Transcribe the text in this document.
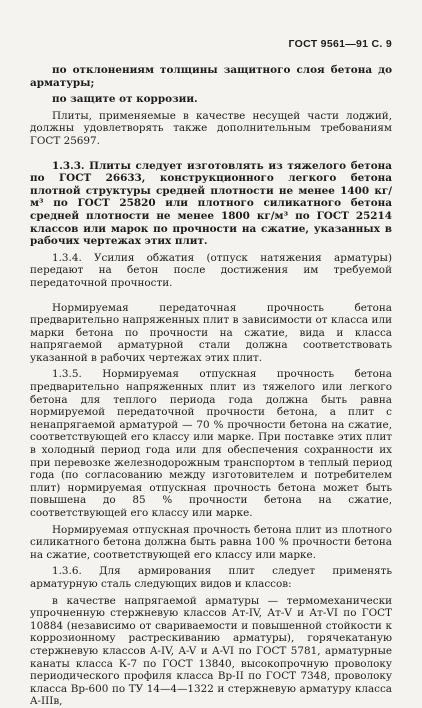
ГОСТ 9561—91 С. 9

по отклонениям толщины защитного слоя бетона до арматуры;

по защите от коррозии.

Плиты, применяемые в качестве несущей части лоджий, должны удовлетворять также дополнительным требованиям ГОСТ 25697.

1.3.3. Плиты следует изготовлять из тяжелого бетона по ГОСТ 26633, конструкционного легкого бетона плотной структуры средней плотности не менее 1400 кг/м³ по ГОСТ 25820 или плотного силикатного бетона средней плотности не менее 1800 кг/м³ по ГОСТ 25214 классов или марок по прочности на сжатие, указанных в рабочих чертежах этих плит.

1.3.4. Усилия обжатия (отпуск натяжения арматуры) передают на бетон после достижения им требуемой передаточной прочности.

Нормируемая передаточная прочность бетона предварительно напряженных плит в зависимости от класса или марки бетона по прочности на сжатие, вида и класса напрягаемой арматурной стали должна соответствовать указанной в рабочих чертежах этих плит.

1.3.5. Нормируемая отпускная прочность бетона предварительно напряженных плит из тяжелого или легкого бетона для теплого периода года должна быть равна нормируемой передаточной прочности бетона, а плит с ненапрягаемой арматурой — 70 % прочности бетона на сжатие, соответствующей его классу или марке. При поставке этих плит в холодный период года или для обеспечения сохранности их при перевозке железнодорожным транспортом в теплый период года (по согласованию между изготовителем и потребителем плит) нормируемая отпускная прочность бетона может быть повышена до 85 % прочности бетона на сжатие, соответствующей его классу или марке.

Нормируемая отпускная прочность бетона плит из плотного силикатного бетона должна быть равна 100 % прочности бетона на сжатие, соответствующей его классу или марке.

1.3.6. Для армирования плит следует применять арматурную сталь следующих видов и классов:

в качестве напрягаемой арматуры — термомеханически упрочненную стержневую классов Ат-IV, Ат-V и Ат-VI по ГОСТ 10884 (независимо от свариваемости и повышенной стойкости к коррозионному растрескиванию арматуры), горячекатаную стержневую классов A-IV, A-V и A-VI по ГОСТ 5781, арматурные канаты класса К-7 по ГОСТ 13840, высокопрочную проволоку периодического профиля класса Вр-II по ГОСТ 7348, проволоку класса Вр-600 по ТУ 14—4—1322 и стержневую арматуру класса A-IIIв,
